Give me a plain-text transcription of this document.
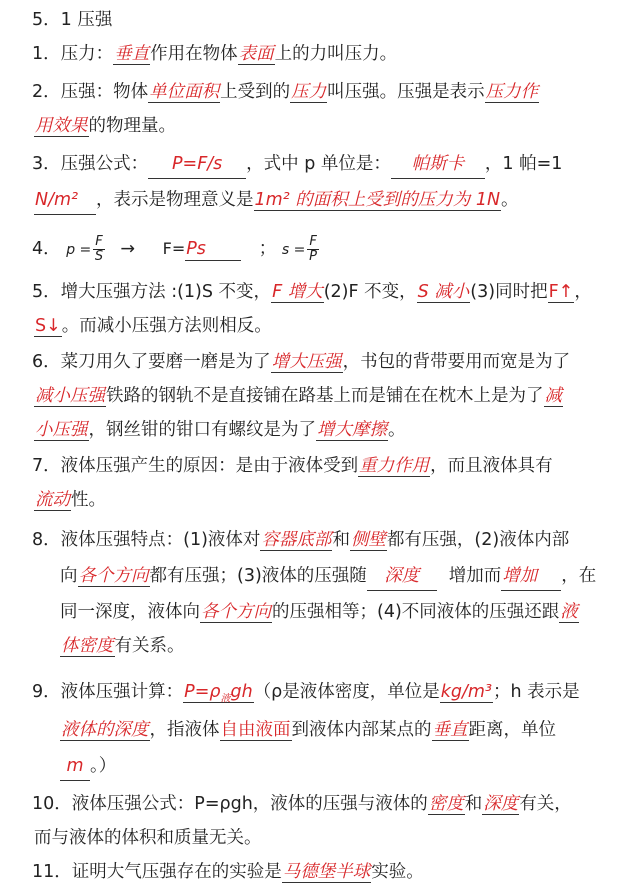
5．1 压强
1．压力：垂直作用在物体表面上的力叫压力。
2．压强：物体单位面积上受到的压力叫压强。压强是表示压力作
用效果的物理量。
3．压强公式： P=F/s ，式中 p 单位是： 帕斯卡 ，1 帕=1
N/m² ，表示是物理意义是1m² 的面积上受到的压力为 1N。
4． $p = \frac{F}{S} \to F=Ps$	； $s = \frac{F}{P}$
5．增大压强方法 :(1)S 不变，F 增大(2)F 不变，S 减小(3)同时把F↑，
S↓。而减小压强方法则相反。
6．菜刀用久了要磨一磨是为了增大压强，书包的背带要用而宽是为了
减小压强铁路的钢轨不是直接铺在路基上而是铺在在枕木上是为了减
小压强，钢丝钳的钳口有螺纹是为了增大摩擦。
7．液体压强产生的原因：是由于液体受到重力作用，而且液体具有
流动性。
8．液体压强特点：(1)液体对容器底部和侧壁都有压强，(2)液体内部
向各个方向都有压强；(3)液体的压强随 深度 增加而增加 ，在
同一深度，液体向各个方向的压强相等；(4)不同液体的压强还跟液
体密度有关系。
9．液体压强计算：$P=\rho_液gh(\rho$是液体密度，单位是kg/m³；h 表示是
液体的深度，指液体自由液面到液体内部某点的垂直距离，单位
m 。）
10．液体压强公式：P=ρgh，液体的压强与液体的密度和深度有关，
而与液体的体积和质量无关。
11．证明大气压强存在的实验是马德堡半球实验。
